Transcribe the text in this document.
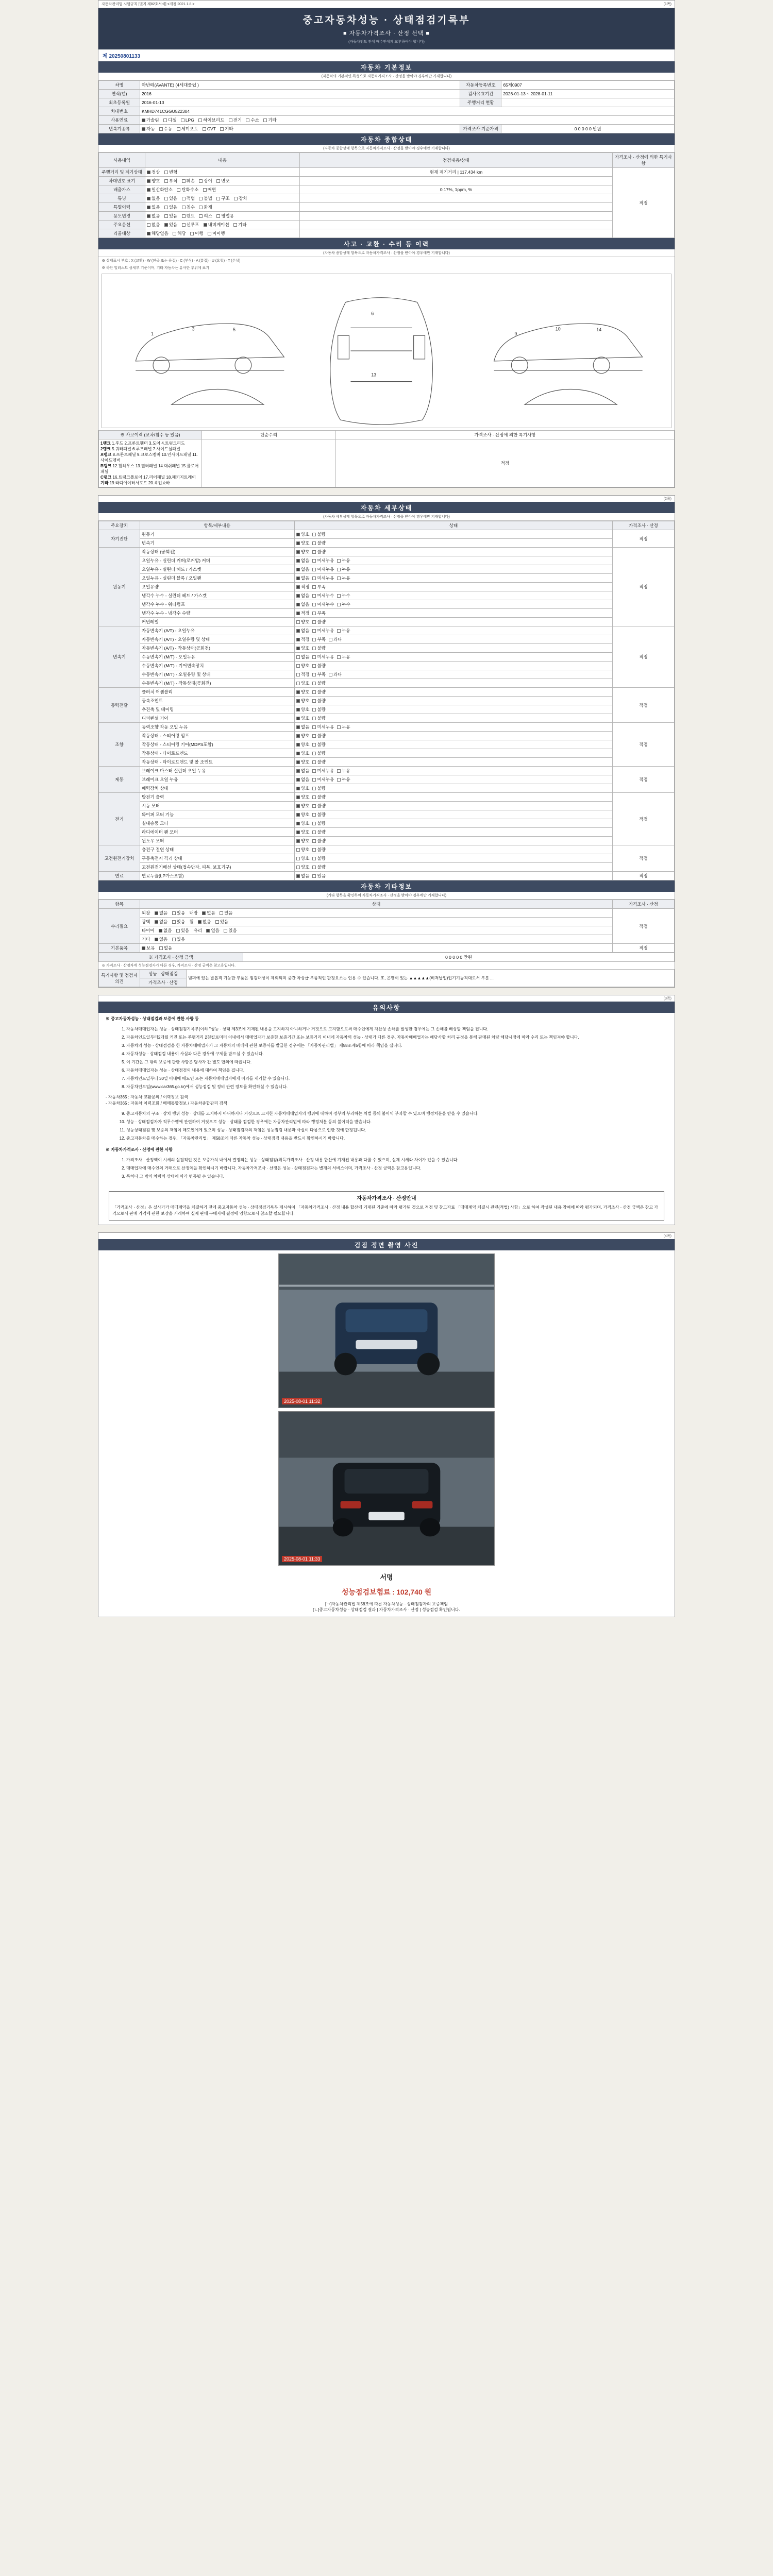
자동차관리법 시행규칙 [별지 제82호서식] <개정 2021.1.8.>	(1쪽)
중고자동차성능 · 상태점검기록부
■ 자동차가격조사 · 산정 선택 ■
(자동차인도 전에 매수인에게 교부하여야 합니다)
제 20250801133
자동차 기본정보
(자동차의 기본적인 특성으로 자동차가격조사 · 산정을 받아야 경우에만 기재합니다)
차명	아반떼(AVANTE) (4세대클럽 )	자동차등록번호	65제0907
연식(년)	2016	검사유효기간	2026-01-13 ~ 2028-01-11
최초등록일	2016-01-13	주행거리 현황	
차대번호	KMHD741CGGU522304		
사용연료	가솔린 디젤 LPG 하이브리드 전기 수소 기타		
변속기종류	자동 수동 세미오토 CVT 기타	가격조사 기준가격	0 0 0 0 0 만원
자동차 종합상태
(자동차 종합상태 항목으로 자동차가격조사 · 산정을 받아야 경우에만 기재합니다)
사용내역	내용	점검내용/상태	가격조사 · 산정에 의한 특기사항
주행거리 및 계기상태	정상 변형	현재 계기거리 | 117,434 km	적정
차대번호 표기	양호 부식 훼손 상이 변조		
배출가스	일산화탄소 탄화수소 매연	0.17%, 1ppm, %	
튜닝	없음 있음 적법 불법 구조 장치		
특별이력	없음 있음 침수 화재		
용도변경	없음 있음 렌트 리스 영업용		
주요옵션	없음 있음 선루프 내비게이션 기타		
리콜대상	해당없음 해당 이행 미이행		
사고 · 교환 · 수리 등 이력
(자동차 종합상태 항목으로 자동차가격조사 · 산정을 받아야 경우에만 기재합니다)
※ 상태표시 부호 : X (교환) · W (판금 또는 용접) · C (부식) · A (흠집) · U (요철) · T (손상)
※ 하단 일러스트 상세부 기준이며, 기타 자동차는 유사한 부위에 표기
1
3	5
6
13
9
10	14
※ 사고이력 (교차/침수 등 있음)	단순수리	가격조사 · 산정에 의한 특기사항

1랭크 1.후드 2.프론트휀더 3.도어 4.트렁크리드
2랭크 5.쿼터패널 6.루프패널 7.사이드실패널
A랭크 8.프론트패널 9.크로스멤버 10.인사이드패널 11.사이드멤버
B랭크 12.휠하우스 13.필러패널 14.대쉬패널 15.플로어패널
C랭크 16.트렁크플로어 17.리어패널 18.패키지트레이
기타 19.라디에이터서포트 20.쇽업쇼바
		적정
(2쪽)
자동차 세부상태
(자동차 세부상태 항목으로 자동차가격조사 · 산정을 받아야 경우에만 기재합니다)
주요장치	항목/세부내용	상태	가격조사 · 산정
자기진단	원동기	양호 불량	적정
	변속기	양호 불량	
원동기	작동상태 (공회전)	양호 불량	적정
	오일누유 - 실린더 커버(로커암) 커버	없음 미세누유 누유	
	오일누유 - 실린더 헤드 / 가스켓	없음 미세누유 누유	
	오일누유 - 실린더 블록 / 오일팬	없음 미세누유 누유	
	오일유량	적정 부족	
	냉각수 누수 - 실린더 헤드 / 가스켓	없음 미세누수 누수	
	냉각수 누수 - 워터펌프	없음 미세누수 누수	
	냉각수 누수 - 냉각수 수량	적정 부족	
	커먼레일	양호 불량	
변속기	자동변속기 (A/T) - 오일누유	없음 미세누유 누유	적정
	자동변속기 (A/T) - 오일유량 및 상태	적정 부족 과다	
	자동변속기 (A/T) - 작동상태(공회전)	양호 불량	
	수동변속기 (M/T) - 오일누유	없음 미세누유 누유	
	수동변속기 (M/T) - 기어변속장치	양호 불량	
	수동변속기 (M/T) - 오일유량 및 상태	적정 부족 과다	
	수동변속기 (M/T) - 작동상태(공회전)	양호 불량	
동력전달	클러치 어셈블리	양호 불량	적정
	등속조인트	양호 불량	
	추진축 및 베어링	양호 불량	
	디퍼렌셜 기어	양호 불량	
조향	동력조향 작동 오일 누유	없음 미세누유 누유	적정
	작동상태 - 스티어링 펌프	양호 불량	
	작동상태 - 스티어링 기어(MDPS포함)	양호 불량	
	작동상태 - 타이로드엔드	양호 불량	
	작동상태 - 타이로드앤드 및 볼 조인트	양호 불량	
제동	브레이크 마스터 실린더 오일 누유	없음 미세누유 누유	적정
	브레이크 오일 누유	없음 미세누유 누유	
	배력장치 상태	양호 불량	
전기	발전기 출력	양호 불량	적정
	시동 모터	양호 불량	
	와이퍼 모터 기능	양호 불량	
	실내송풍 모터	양호 불량	
	라디에이터 팬 모터	양호 불량	
	윈도우 모터	양호 불량	
고전원전기장치	충전구 절연 상태	양호 불량	적정
	구동축전지 격리 상태	양호 불량	
	고전원전기배선 상태(접속단자, 피복, 보호기구)	양호 불량	
연료	연료누출(LP가스포함)	없음 있음	적정
자동차 기타정보
(기타 항목을 확인하여 자동차가격조사 · 산정을 받아야 경우에만 기재합니다)
항목	상태	가격조사 · 산정
수리필요	외장 없음 있음 내장 없음 있음	적정
	광택 없음 있음 휠 없음 있음	
	타이어 없음 있음 유리 없음 있음	
	기타 없음 있음	
기본품목	보유 없음	적정
※ 가격조사 · 산정 금액	0 0 0 0 0 만원
※ 가격조사 · 산정자에 성능점검자가 다른 경우, 가격조사 · 산정 금액은 참고용입니다.
특기사항 및 점검자 의견	성능 · 상태점검	범퍼에 있는 발톱직 기능한 부품은 점검대상이 제외되며 중간 차상급 부품적인 판정요소는 인용 수 있습니다. 또, 은행이 있는 ▲▲▲▲▲(비격납입)입기기능적대로서 부분 ...
가격조사 · 산정
(3쪽)
유의사항
※ 중고자동차성능 · 상태점검과 보증에 관한 사항 등
1. 자동차매매업자는 성능 · 상태점검기록부(이하 "성능 · 상태 제3조에 기재된 내용을 고지하지 아니하거나 거짓으로 고지함으로써 매수인에게 재산상 손해를 발생한 경우에는 그 손해를 배상할 책임을 집니다.
2. 자동차인도일부터2개월 커진 또는 주행거리 2천킬로미터 이내에서 매매업자가 보증한 보증기간 또는 보증거리 이내에 자동차의 성능 · 상태가 다른 경우, 자동차매매업자는 해당사항 처리 규정을 통해 판매된 차량 해당시점에 따라 수리 또는 책임져야 합니다.
3. 자동차의 성능 · 상태점검을 한 자동차매매업자가 그 자동차의 매매에 관한 보증서를 발급한 경우에는 「자동차관리법」 제58조제5항에 따라 책임을 집니다.
4. 자동차성능 · 상태점검 내용이 사실과 다른 경우에 구제를 받으실 수 있습니다.
5. 이 기간은 그 밖의 보증에 관한 사항은 당사자 간 별도 합의에 따릅니다.
6. 자동차매매업자는 성능 · 상태점검의 내용에 대하여 책임을 집니다.
7. 자동차인도일부터 30일 이내에 매도인 또는 자동차매매업자에게 이의를 제기할 수 있습니다.
8. 자동차인도일(www.car365.go.kr)에서 성능점검 및 정비 관련 정보를 확인하실 수 있습니다.
- 자동차365 : 자동차 교환문의 / 이력정보 검색
- 자동차365 : 자동차 이력조회 / 매매통합정보 / 자동차종합관리 검색
9. 중고자동차의 구조 · 장치 행위 성능 · 상태를 고지하지 아니하거나 거짓으로 고지한 자동차매매업자의 행위에 대하여 정부의 부과하는 처벌 등의 불이익 부과할 수 있으며 행정처분을 받을 수 있습니다.
10. 성능 · 상태점검자가 직무수행에 관련하여 거짓으로 성능 · 상태를 점검한 경우에는 자동차관리법에 따라 행정처분 등의 불이익을 받습니다.
11. 성능상태점검 및 보증의 책임이 매도인에게 있으며 성능 · 상태점검자의 책임은 성능점검 내용과 사실이 다름으로 인한 것에 한정됩니다.
12. 중고자동차를 매수하는 경우, 「자동차관리법」 제58조에 따른 자동차 성능 · 상태점검 내용을 반드시 확인하시기 바랍니다.
※ 자동차가격조사 · 산정에 관한 사항
1. 가격조사 · 산정액이 시세의 실질적인 것은 보증가치 내에서 결정되는 성능 · 상태점검(취득가격조사 · 산정 내용 합산에 기재된 내용과 다를 수 있으며, 실제 시세와 차이가 있을 수 있습니다.
2. 매매업자에 매수인의 거래으로 산정액을 확인하시기 바랍니다. 자동차가격조사 · 산정은 성능 · 상태점검과는 별개의 서비스이며, 가격조사 · 산정 금액은 참고용입니다.
3. 특히나 그 밖의 차량의 상태에 따라 변동될 수 있습니다.
자동차가격조사 · 산정안내
「가격조사 · 산정」은 실사가가 매매계약을 체결하기 전에 중고자동차 성능 · 상태점검기록부 제시하여 「자동차가격조사 · 산정 내용 합산에 기재된 기준에 따라 평가된 것으로 적정 및 참고자료 「매매계약 체결시 관련(적법) 사항」으로 하여 작성된 내용 참여에 따라 평가되며, 가격조사 · 산정 금액은 참고 가격으로서 판매 가격에 관한 보장을 거래하여 실제 판매 구매자에 결정에 영향으로서 참조할 필요합니다.
(4쪽)
검점 정면 촬영 사진
2025-08-01 11:32
2025-08-01 11:33
서명
성능점검보험료 : 102,740 원
[ㄱ]자동차관리법 제58조에 따른 자동차성능 · 상태점검자의 보증책임
[ㄴ]중고자동차성능 · 상태점검 결과 | 자동차가격조사 · 산정 | 성능점검 확인됩니다.
